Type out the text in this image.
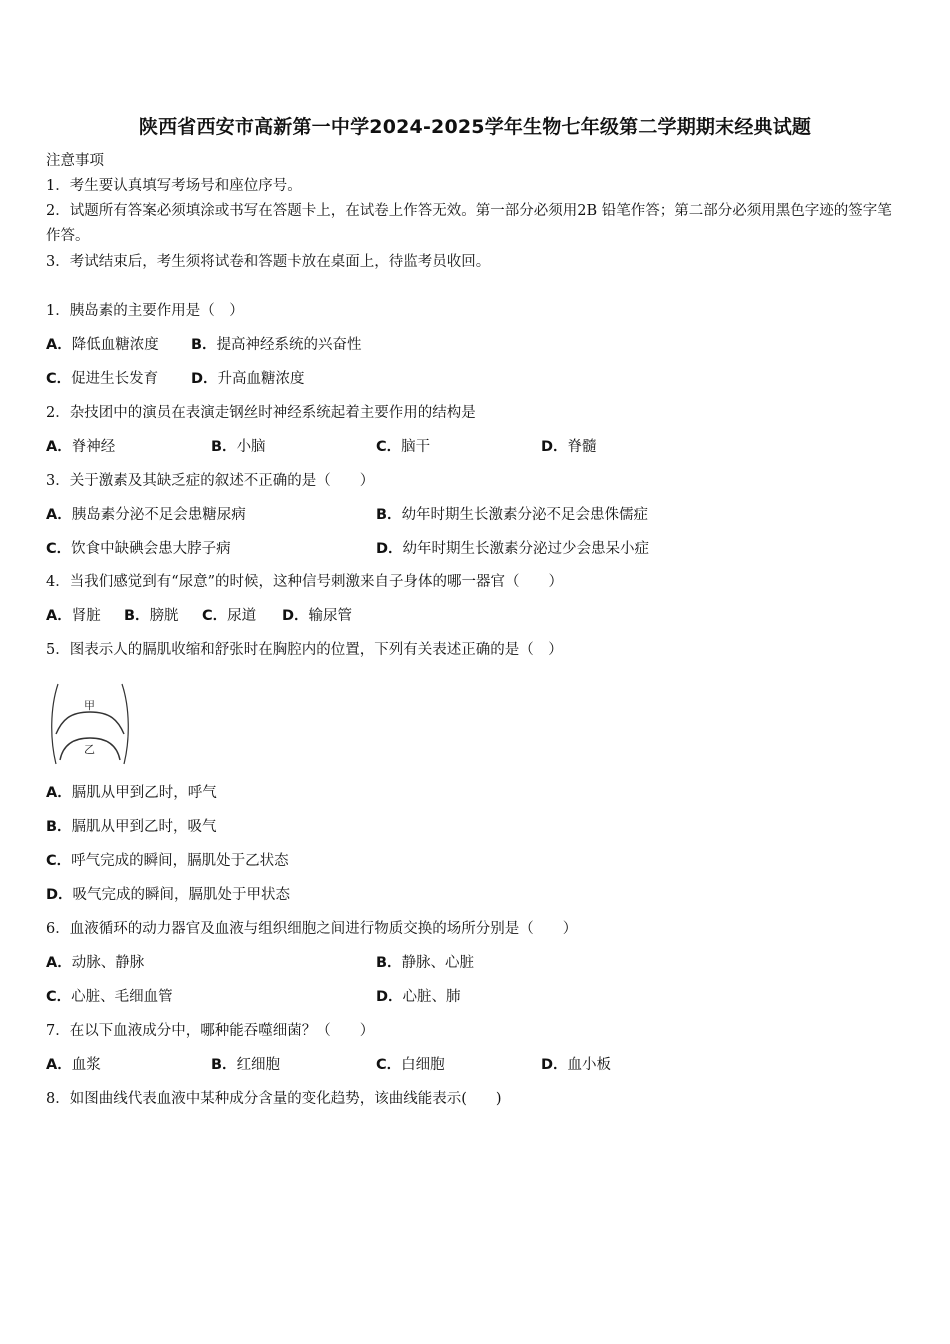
陕西省西安市高新第一中学2024-2025学年生物七年级第二学期期末经典试题
注意事项
1．考生要认真填写考场号和座位序号。
2．试题所有答案必须填涂或书写在答题卡上，在试卷上作答无效。第一部分必须用2B 铅笔作答；第二部分必须用黑色字迹的签字笔作答。
3．考试结束后，考生须将试卷和答题卡放在桌面上，待监考员收回。
1．胰岛素的主要作用是（　）
A．降低血糖浓度 B．提高神经系统的兴奋性
C．促进生长发育 D．升高血糖浓度
2．杂技团中的演员在表演走钢丝时神经系统起着主要作用的结构是
A．脊神经	B．小脑	C．脑干	D．脊髓
3．关于激素及其缺乏症的叙述不正确的是（　　）
A．胰岛素分泌不足会患糖尿病	B．幼年时期生长激素分泌不足会患侏儒症
C．饮食中缺碘会患大脖子病	D．幼年时期生长激素分泌过少会患呆小症
4．当我们感觉到有“尿意”的时候，这种信号刺激来自子身体的哪一器官（　　）
A．肾脏 B．膀胱 C．尿道 D．输尿管
5．图表示人的膈肌收缩和舒张时在胸腔内的位置，下列有关表述正确的是（　）
甲
乙
A．膈肌从甲到乙时，呼气
B．膈肌从甲到乙时，吸气
C．呼气完成的瞬间，膈肌处于乙状态
D．吸气完成的瞬间，膈肌处于甲状态
6．血液循环的动力器官及血液与组织细胞之间进行物质交换的场所分别是（　　）
A．动脉、静脉	B．静脉、心脏
C．心脏、毛细血管	D．心脏、肺
7．在以下血液成分中，哪种能吞噬细菌？（　　）
A．血浆	B．红细胞	C．白细胞	D．血小板
8．如图曲线代表血液中某种成分含量的变化趋势，该曲线能表示(　　)
